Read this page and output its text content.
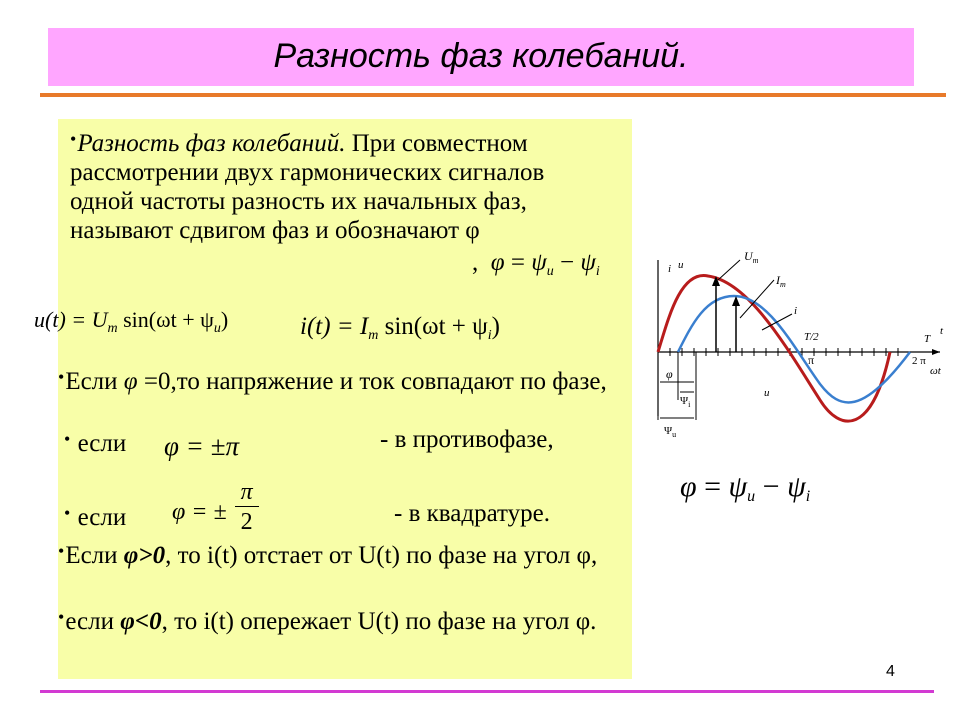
Разность фаз колебаний.
•Разность фаз колебаний. При совместном рассмотрении двух гармонических сигналов одной частоты разность их начальных фаз, называют сдвигом фаз и обозначают φ
, $\varphi = \psi_u - \psi_i$
$u(t) = U_m$ $\sin(\omega t + \psi_u)$	$i(t) = I_m$ $\sin(\omega t + \psi_i)$
•Если φ =0,то напряжение и ток совпадают по фазе,
• если	φ = ±π	- в противофазе,
• если φ = ± $\frac{\pi}{2}$	- в квадратуре.
•Если φ>0, то i(t) отстает от U(t) по фазе на угол φ,
•если φ<0, то i(t) опережает U(t) по фазе на угол φ.
i u
$U_m$
$I_m$
i
u
T/2	T
t
π	2 π
ωt
φ
$\Psi_i$
$\Psi_u$
$\varphi = \psi_u - \psi_i$
4
